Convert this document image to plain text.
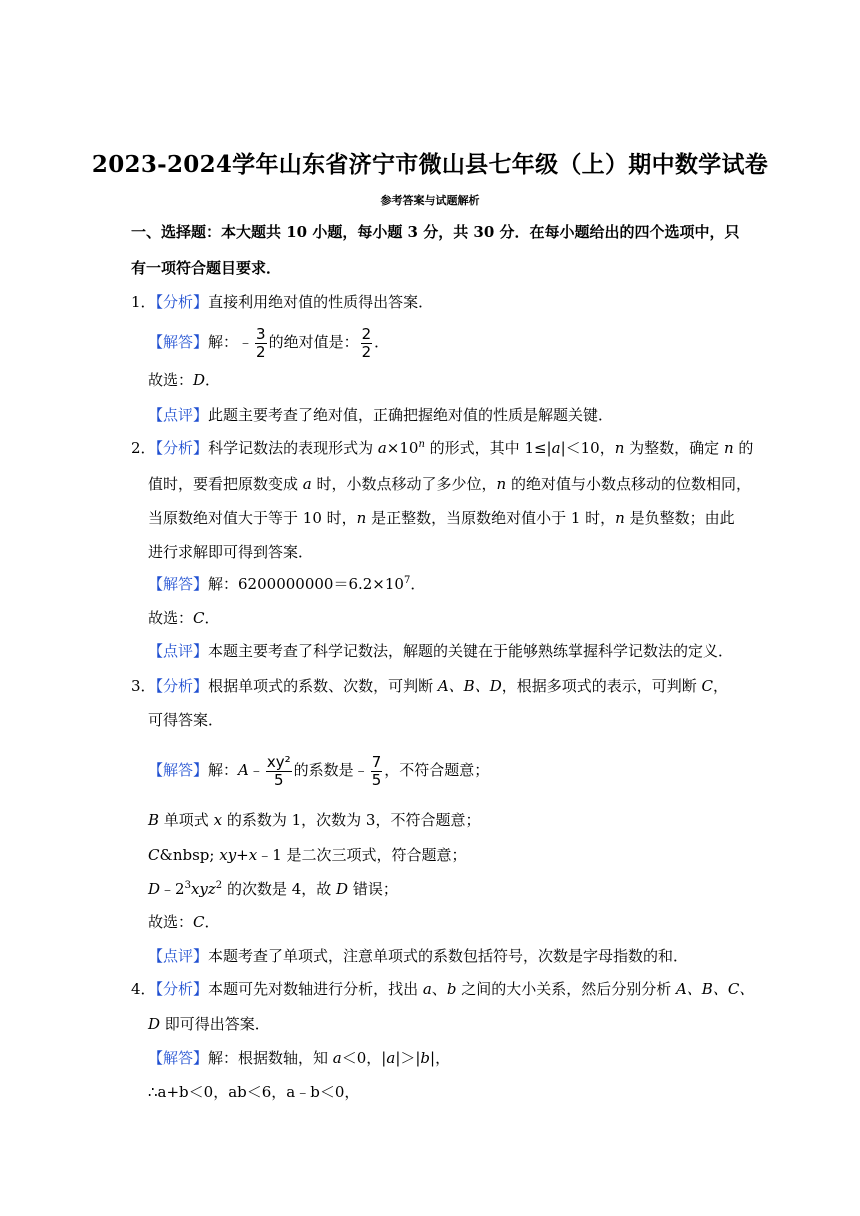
2023-2024学年山东省济宁市微山县七年级（上）期中数学试卷
参考答案与试题解析
一、选择题：本大题共 10 小题，每小题 3 分，共 30 分．在每小题给出的四个选项中，只
有一项符合题目要求．
1．【分析】直接利用绝对值的性质得出答案．
【解答】解：﹣ $\frac{3}{2}$ 的绝对值是： $\frac{2}{2}$ ．
故选：D．
【点评】此题主要考查了绝对值，正确把握绝对值的性质是解题关键．
2．【分析】科学记数法的表现形式为 $a\times 10^n$ 的形式，其中 1≤|a|＜10，n 为整数，确定 n 的
值时，要看把原数变成 a 时，小数点移动了多少位，n 的绝对值与小数点移动的位数相同，
当原数绝对值大于等于 10 时，n 是正整数，当原数绝对值小于 1 时，n 是负整数；由此
进行求解即可得到答案．
【解答】解：$6200000000=6.2\times 10^7$．
故选：C．
【点评】本题主要考查了科学记数法，解题的关键在于能够熟练掌握科学记数法的定义．
3．【分析】根据单项式的系数、次数，可判断 A、B、D，根据多项式的表示，可判断 C，
可得答案．
【解答】解：A﹣ $\frac{\text{xy²}}{5}$ 的系数是﹣ $\frac{7}{5}$ ，不符合题意；
B 单项式 x 的系数为 1，次数为 3，不符合题意；
C&nbsp; xy+x﹣1 是二次三项式，符合题意；
$D﹣2^3xyz^2$ 的次数是 4，故 D 错误；
故选：C．
【点评】本题考查了单项式，注意单项式的系数包括符号，次数是字母指数的和．
4．【分析】本题可先对数轴进行分析，找出 a、b 之间的大小关系，然后分别分析 A、B、C、
D 即可得出答案．
【解答】解：根据数轴，知 a＜0，|a|＞|b|，
∴a+b＜0，ab＜6，a﹣b＜0，
